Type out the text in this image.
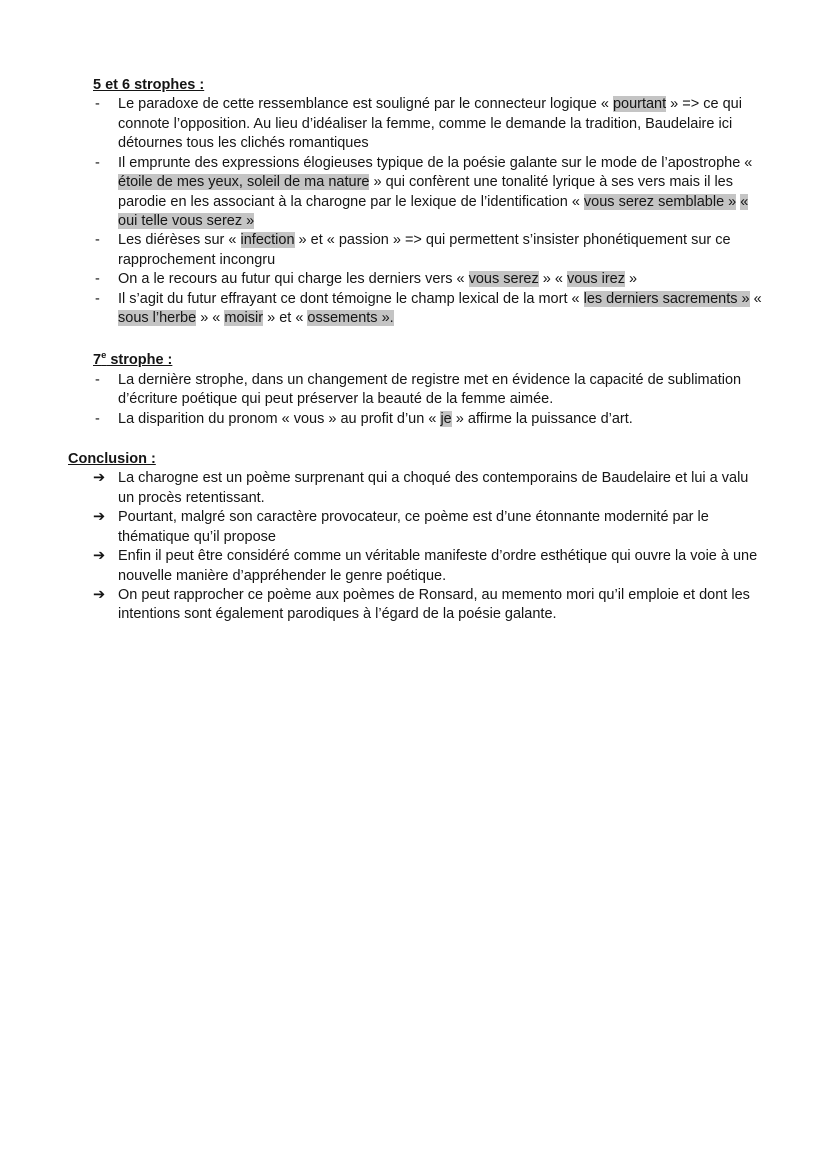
5 et 6 strophes :
-	Le paradoxe de cette ressemblance est souligné par le connecteur logique « pourtant » => ce qui connote l’opposition. Au lieu d’idéaliser la femme, comme le demande la tradition, Baudelaire ici détournes tous les clichés romantiques
-	Il emprunte des expressions élogieuses typique de la poésie galante sur le mode de l’apostrophe « étoile de mes yeux, soleil de ma nature » qui confèrent une tonalité lyrique à ses vers mais il les parodie en les associant à la charogne par le lexique de l’identification « vous serez semblable » « oui telle vous serez »
-	Les diérèses sur « infection » et « passion » => qui permettent s’insister phonétiquement sur ce rapprochement incongru
-	On a le recours au futur qui charge les derniers vers « vous serez » « vous irez »
-	Il s’agit du futur effrayant ce dont témoigne le champ lexical de la mort « les derniers sacrements » « sous l’herbe » « moisir » et « ossements ».
7e strophe :
-	La dernière strophe, dans un changement de registre met en évidence la capacité de sublimation d’écriture poétique qui peut préserver la beauté de la femme aimée.
-	La disparition du pronom « vous » au profit d’un « je » affirme la puissance d’art.
Conclusion :
➔ La charogne est un poème surprenant qui a choqué des contemporains de Baudelaire et lui a valu un procès retentissant.
➔ Pourtant, malgré son caractère provocateur, ce poème est d’une étonnante modernité par le thématique qu’il propose
➔ Enfin il peut être considéré comme un véritable manifeste d’ordre esthétique qui ouvre la voie à une nouvelle manière d’appréhender le genre poétique.
➔ On peut rapprocher ce poème aux poèmes de Ronsard, au memento mori qu’il emploie et dont les intentions sont également parodiques à l’égard de la poésie galante.
